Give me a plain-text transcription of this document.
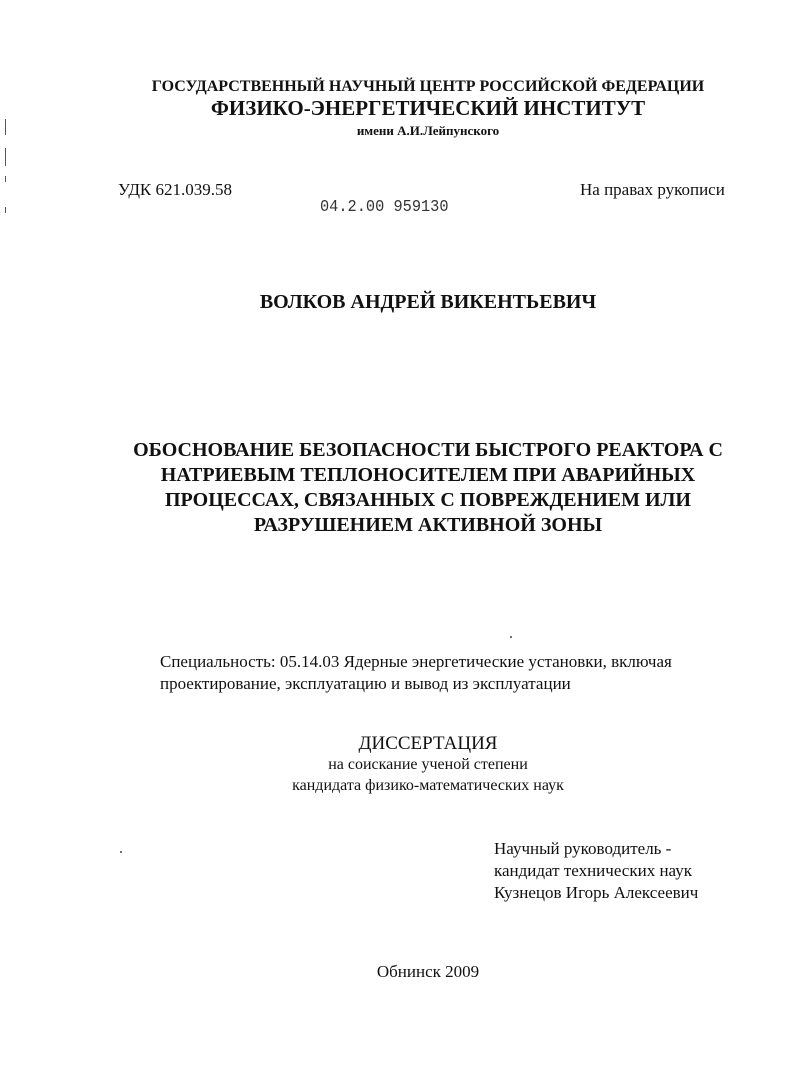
ГОСУДАРСТВЕННЫЙ НАУЧНЫЙ ЦЕНТР РОССИЙСКОЙ ФЕДЕРАЦИИ
ФИЗИКО-ЭНЕРГЕТИЧЕСКИЙ ИНСТИТУТ
имени А.И.Лейпунского
УДК 621.039.58	На правах рукописи
04.2.00 959130
ВОЛКОВ АНДРЕЙ ВИКЕНТЬЕВИЧ
ОБОСНОВАНИЕ БЕЗОПАСНОСТИ БЫСТРОГО РЕАКТОРА С
НАТРИЕВЫМ ТЕПЛОНОСИТЕЛЕМ ПРИ АВАРИЙНЫХ
ПРОЦЕССАХ, СВЯЗАННЫХ С ПОВРЕЖДЕНИЕМ ИЛИ
РАЗРУШЕНИЕМ АКТИВНОЙ ЗОНЫ
Специальность: 05.14.03 Ядерные энергетические установки, включая
проектирование, эксплуатацию и вывод из эксплуатации
ДИССЕРТАЦИЯ
на соискание ученой степени
кандидата физико-математических наук
Научный руководитель -
кандидат технических наук
Кузнецов Игорь Алексеевич
Обнинск 2009
